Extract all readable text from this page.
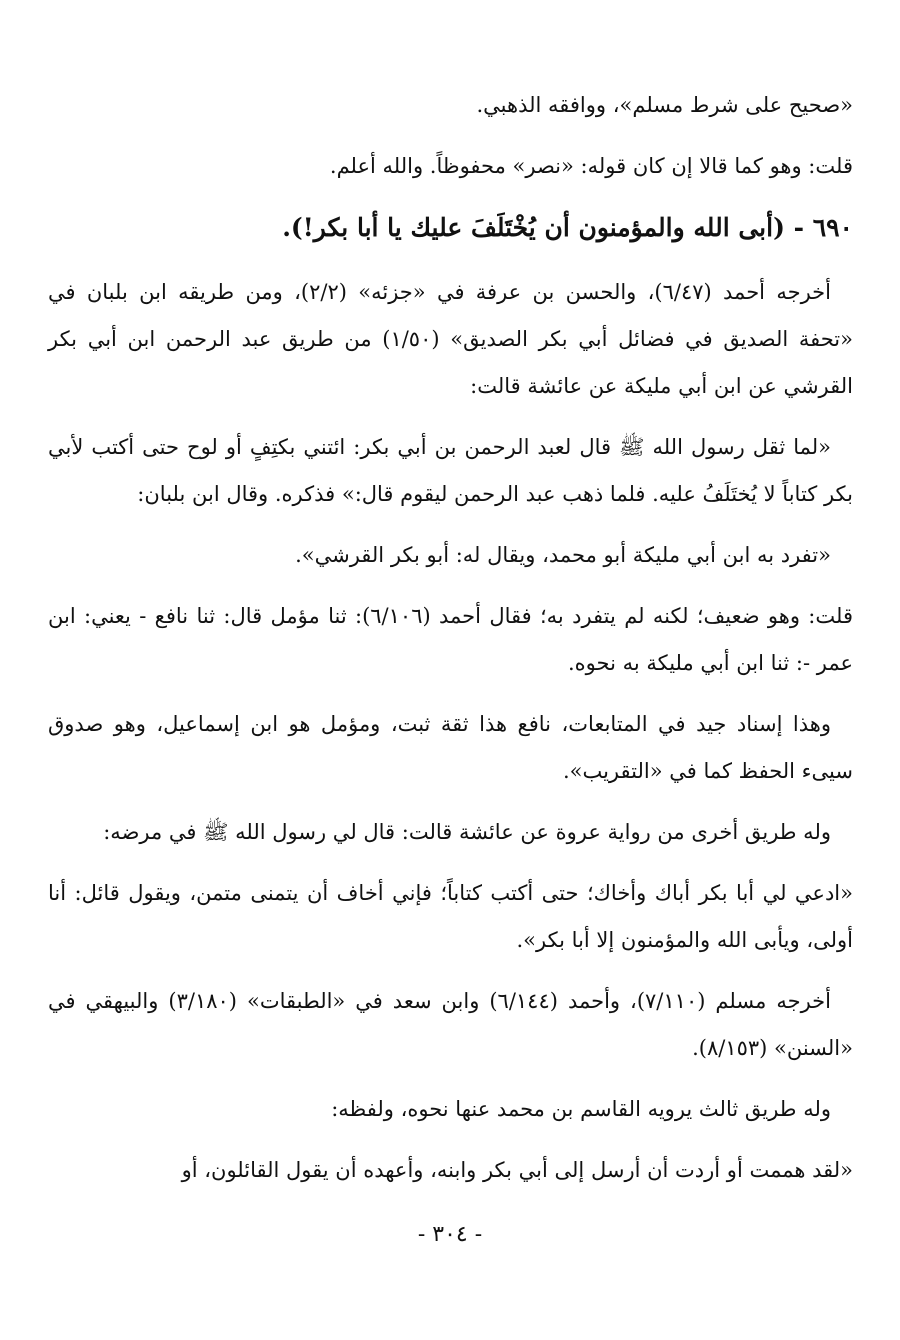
«صحيح على شرط مسلم»، ووافقه الذهبي.

قلت: وهو كما قالا إن كان قوله: «نصر» محفوظاً. والله أعلم.

٦٩٠ - (أبى الله والمؤمنون أن يُخْتَلَفَ عليك يا أبا بكر!).

أخرجه أحمد (٦/٤٧)، والحسن بن عرفة في «جزئه» (٢/٢)، ومن طريقه ابن بلبان في «تحفة الصديق في فضائل أبي بكر الصديق» (١/٥٠) من طريق عبد الرحمن ابن أبي بكر القرشي عن ابن أبي مليكة عن عائشة قالت:

«لما ثقل رسول الله ﷺ قال لعبد الرحمن بن أبي بكر: ائتني بكتِفٍ أو لوح حتى أكتب لأبي بكر كتاباً لا يُختَلَفُ عليه. فلما ذهب عبد الرحمن ليقوم قال:» فذكره. وقال ابن بلبان:

«تفرد به ابن أبي مليكة أبو محمد، ويقال له: أبو بكر القرشي».

قلت: وهو ضعيف؛ لكنه لم يتفرد به؛ فقال أحمد (٦/١٠٦): ثنا مؤمل قال: ثنا نافع - يعني: ابن عمر -: ثنا ابن أبي مليكة به نحوه.

وهذا إسناد جيد في المتابعات، نافع هذا ثقة ثبت، ومؤمل هو ابن إسماعيل، وهو صدوق سيىء الحفظ كما في «التقريب».

وله طريق أخرى من رواية عروة عن عائشة قالت: قال لي رسول الله ﷺ في مرضه:

«ادعي لي أبا بكر أباك وأخاك؛ حتى أكتب كتاباً؛ فإني أخاف أن يتمنى متمن، ويقول قائل: أنا أولى، ويأبى الله والمؤمنون إلا أبا بكر».

أخرجه مسلم (٧/١١٠)، وأحمد (٦/١٤٤) وابن سعد في «الطبقات» (٣/١٨٠) والبيهقي في «السنن» (٨/١٥٣).

وله طريق ثالث يرويه القاسم بن محمد عنها نحوه، ولفظه:

«لقد هممت أو أردت أن أرسل إلى أبي بكر وابنه، وأعهده أن يقول القائلون، أو

- ٣٠٤ -
